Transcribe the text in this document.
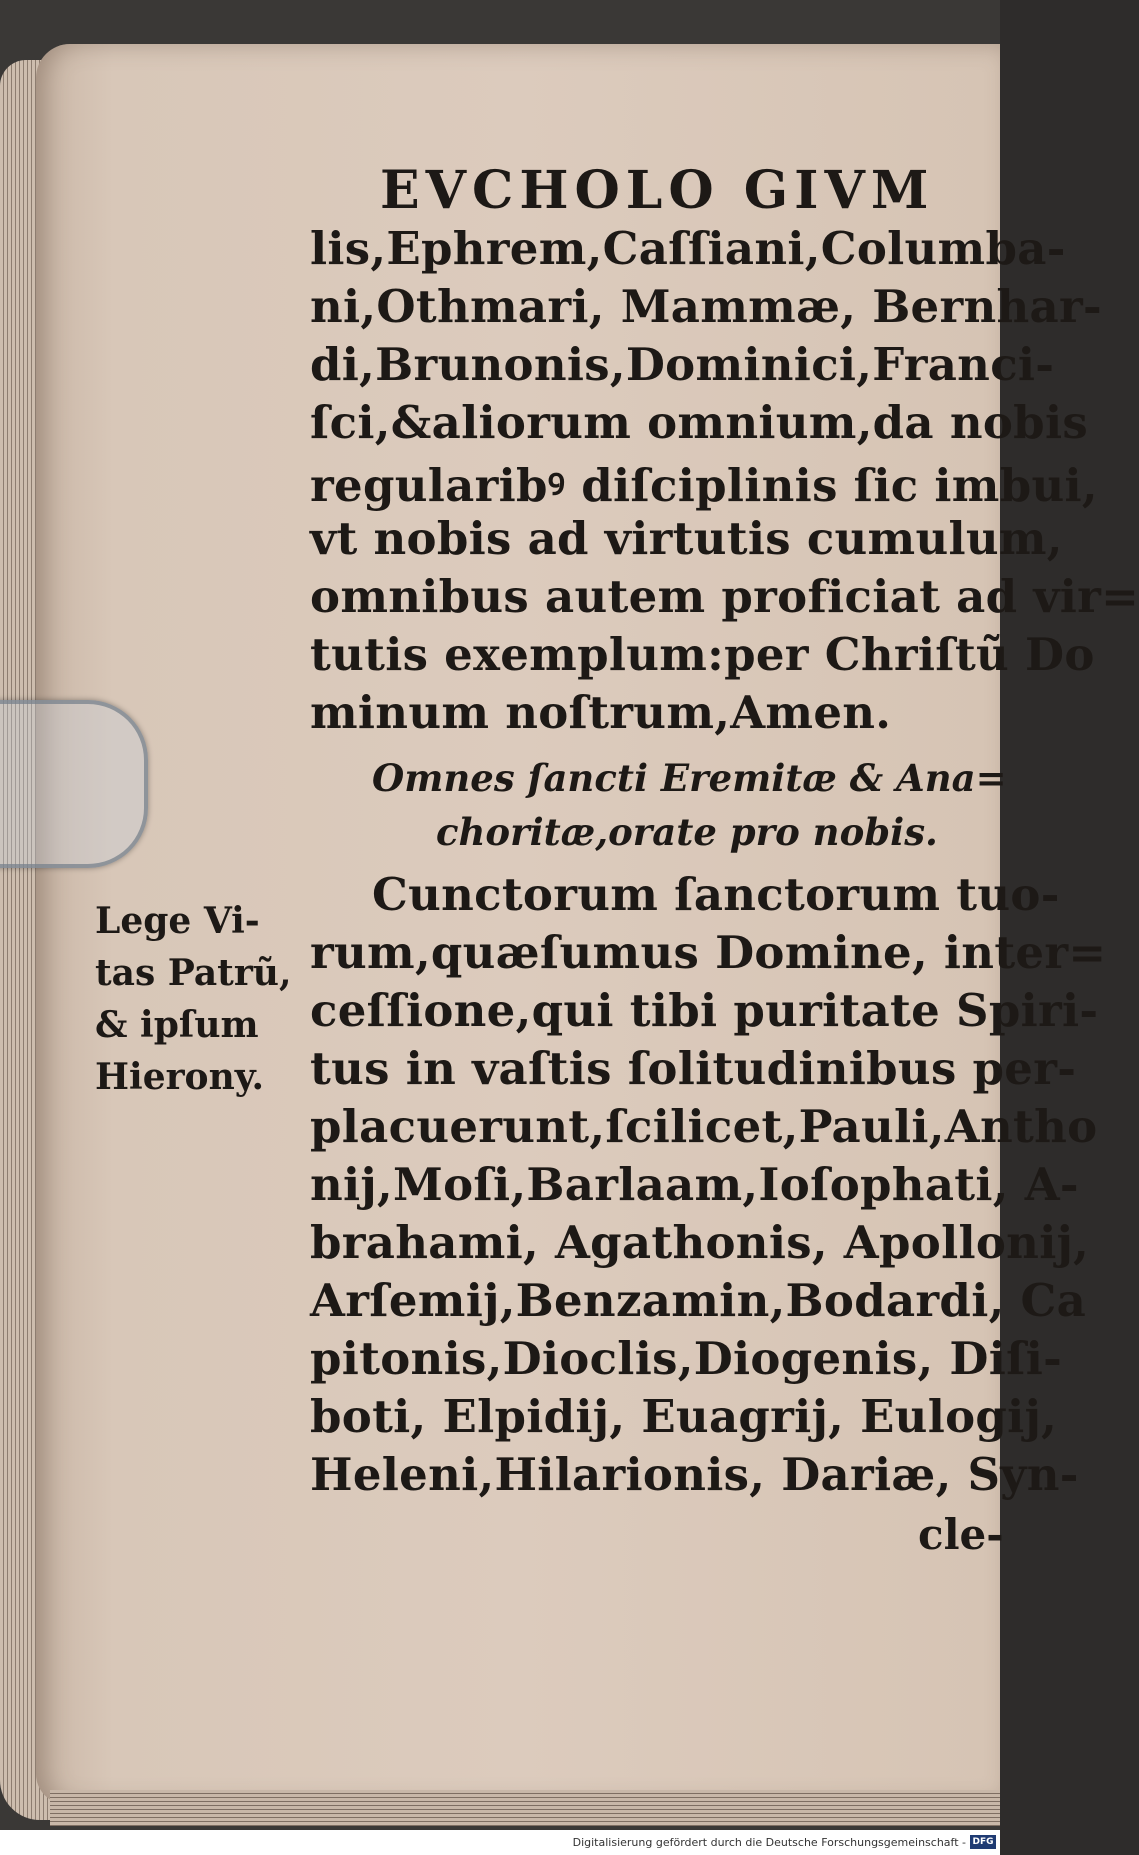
EVCHOLO GIVM
lis,Ephrem,Caſſiani,Columba-
ni,Othmari, Mammæ, Bernhar-
di,Brunonis,Dominici,Franci-
ſci,&aliorum omnium,da nobis
regularibꝰ diſciplinis ſic imbui,
vt nobis ad virtutis cumulum,
omnibus autem proficiat ad vir=
tutis exemplum:per Chriſtũ Do
minum noſtrum,Amen.
Omnes ſancti Eremitæ & Ana=
choritæ,orate pro nobis.
Cunctorum ſanctorum tuo-
rum,quæſumus Domine, inter=
ceſſione,qui tibi puritate Spiri-
tus in vaſtis ſolitudinibus per-
placuerunt,ſcilicet,Pauli,Antho
nij,Moſi,Barlaam,Ioſophati, A-
brahami, Agathonis, Apollonij,
Arſemij,Benzamin,Bodardi, Ca
pitonis,Dioclis,Diogenis, Diſi-
boti, Elpidij, Euagrij, Eulogij,
Heleni,Hilarionis, Dariæ, Syn-
cle-
Lege Vi-
tas Patrũ,
& ipſum
Hierony.
Digitalisierung gefördert durch die Deutsche Forschungsgemeinschaft - DFG
